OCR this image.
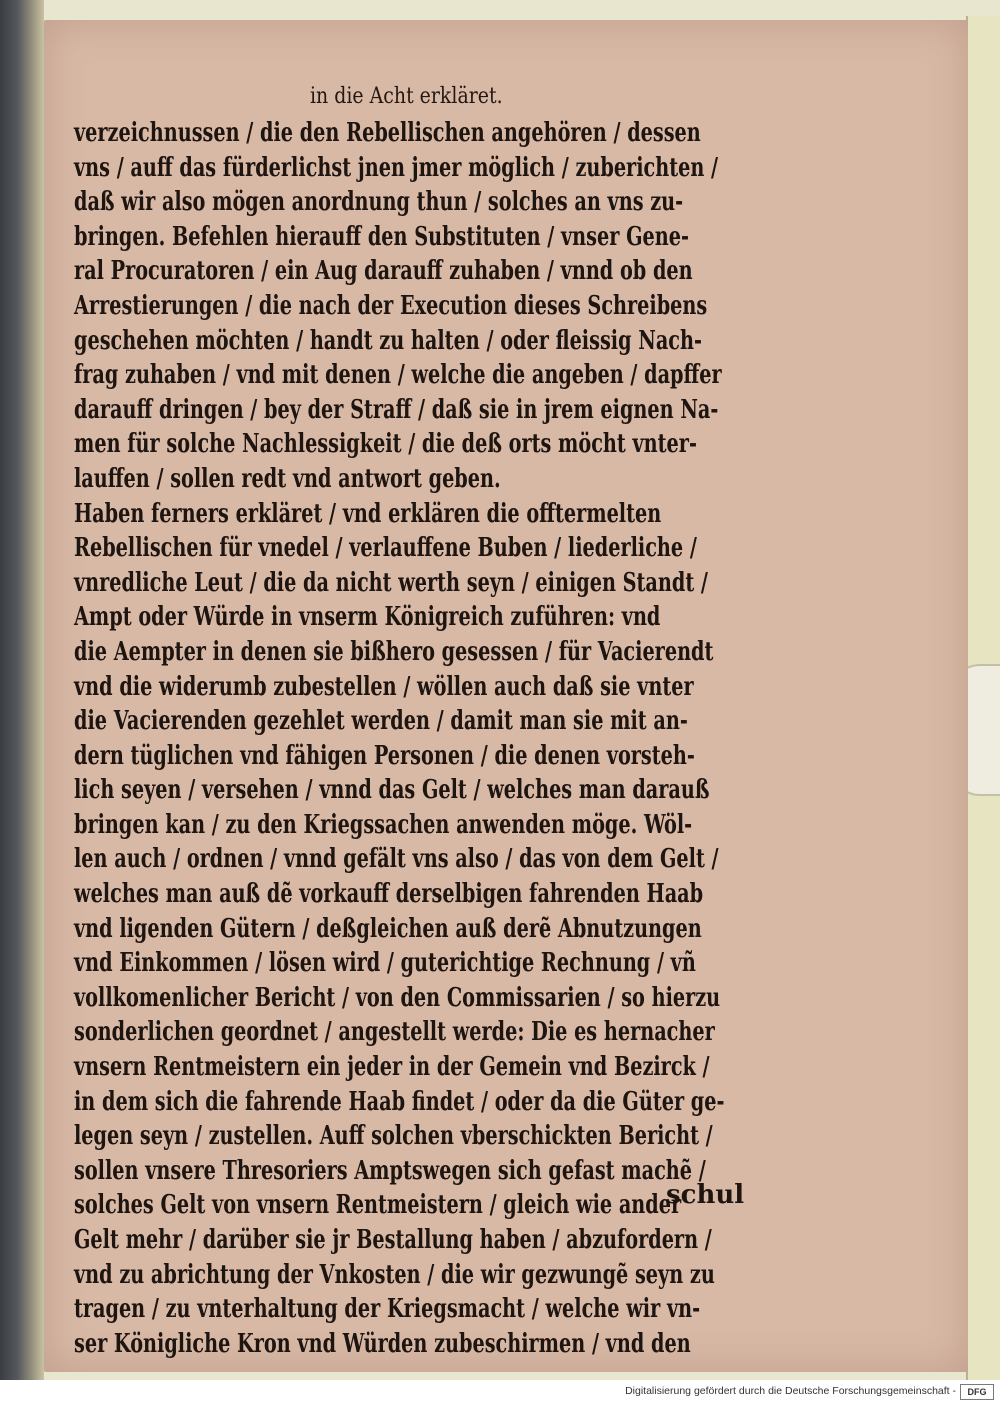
in die Acht erkläret.
verzeichnussen / die den Rebellischen angehören / dessen
vns / auff das fürderlichst jnen jmer möglich / zuberichten /
daß wir also mögen anordnung thun / solches an vns zu-
bringen. Befehlen hierauff den Substituten / vnser Gene-
ral Procuratoren / ein Aug darauff zuhaben / vnnd ob den
Arrestierungen / die nach der Execution dieses Schreibens
geschehen möchten / handt zu halten / oder fleissig Nach-
frag zuhaben / vnd mit denen / welche die angeben / dapffer
darauff dringen / bey der Straff / daß sie in jrem eignen Na-
men für solche Nachlessigkeit / die deß orts möcht vnter-
lauffen / sollen redt vnd antwort geben.
Haben ferners erkläret / vnd erklären die offtermelten
Rebellischen für vnedel / verlauffene Buben / liederliche /
vnredliche Leut / die da nicht werth seyn / einigen Standt /
Ampt oder Würde in vnserm Königreich zuführen: vnd
die Aempter in denen sie bißhero gesessen / für Vacierendt
vnd die widerumb zubestellen / wöllen auch daß sie vnter
die Vacierenden gezehlet werden / damit man sie mit an-
dern tüglichen vnd fähigen Personen / die denen vorsteh-
lich seyen / versehen / vnnd das Gelt / welches man darauß
bringen kan / zu den Kriegssachen anwenden möge. Wöl-
len auch / ordnen / vnnd gefält vns also / das von dem Gelt /
welches man auß dẽ vorkauff derselbigen fahrenden Haab
vnd ligenden Gütern / deßgleichen auß derẽ Abnutzungen
vnd Einkommen / lösen wird / guterichtige Rechnung / vñ
vollkomenlicher Bericht / von den Commissarien / so hierzu
sonderlichen geordnet / angestellt werde: Die es hernacher
vnsern Rentmeistern ein jeder in der Gemein vnd Bezirck /
in dem sich die fahrende Haab findet / oder da die Güter ge-
legen seyn / zustellen. Auff solchen vberschickten Bericht /
sollen vnsere Thresoriers Amptswegen sich gefast machẽ /
solches Gelt von vnsern Rentmeistern / gleich wie ander
Gelt mehr / darüber sie jr Bestallung haben / abzufordern /
vnd zu abrichtung der Vnkosten / die wir gezwungẽ seyn zu
tragen / zu vnterhaltung der Kriegsmacht / welche wir vn-
ser Königliche Kron vnd Würden zubeschirmen / vnd den
schul
Digitalisierung gefördert durch die Deutsche Forschungsgemeinschaft -	DFG
